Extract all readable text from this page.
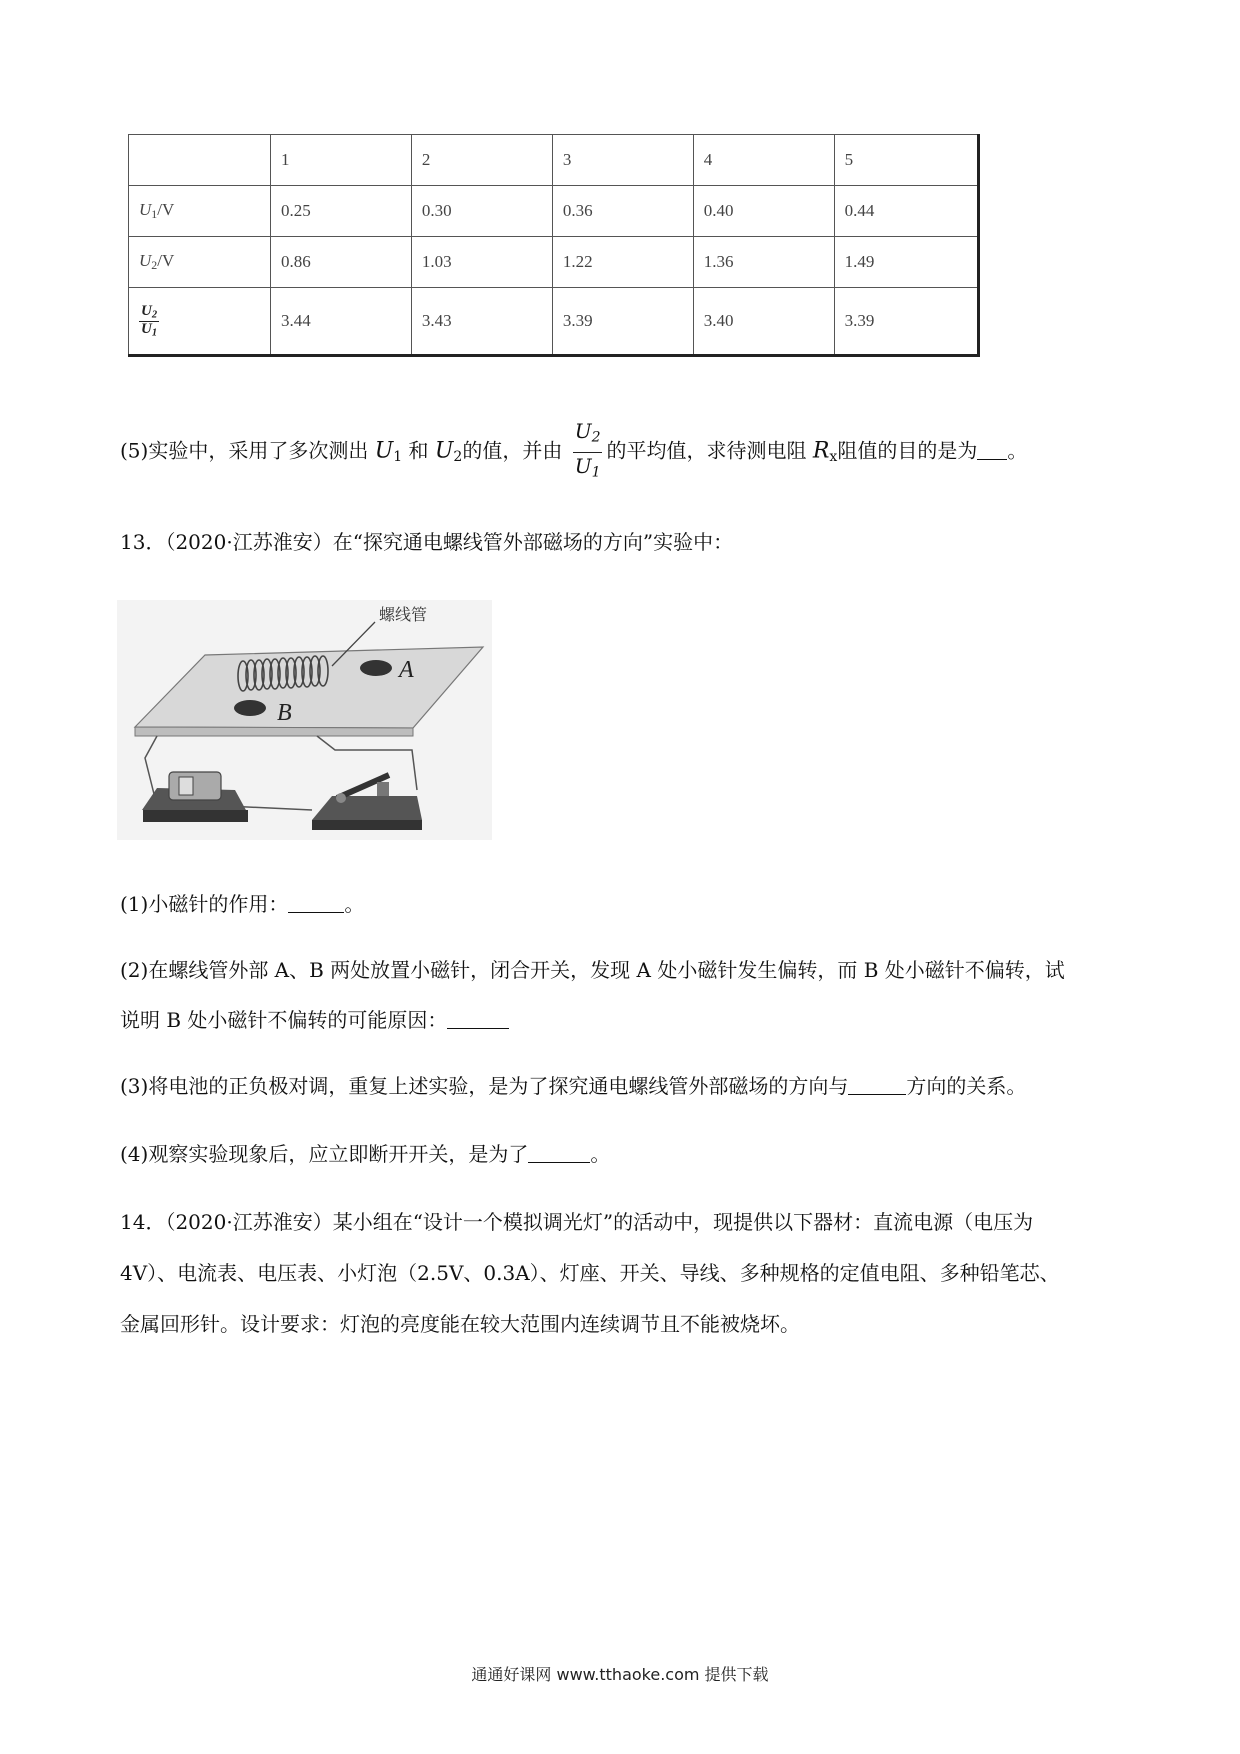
	1	2	3	4	5
$U_1/V$	0.25	0.30	0.36	0.40	0.44
$U_2/V$	0.86	1.03	1.22	1.36	1.49

$\frac{U_2}{U_1}$	3.44	3.43	3.39	3.40	3.39
(5)实验中，采用了多次测出 $U_1$ 和 $U_2$的值，并由 $\frac{U_2}{U_1}$ 的平均值，求待测电阻 $R_x$阻值的目的是为 。
13．（2020·江苏淮安）在“探究通电螺线管外部磁场的方向”实验中：
螺线管
A
B
(1)小磁针的作用：	。
(2)在螺线管外部 A、B 两处放置小磁针，闭合开关，发现 A 处小磁针发生偏转，而 B 处小磁针不偏转，试
说明 B 处小磁针不偏转的可能原因：
(3)将电池的正负极对调，重复上述实验，是为了探究通电螺线管外部磁场的方向与	方向的关系。
(4)观察实验现象后，应立即断开开关，是为了	。
14．（2020·江苏淮安）某小组在“设计一个模拟调光灯”的活动中，现提供以下器材：直流电源（电压为
4V）、电流表、电压表、小灯泡（2.5V、0.3A）、灯座、开关、导线、多种规格的定值电阻、多种铅笔芯、
金属回形针。设计要求：灯泡的亮度能在较大范围内连续调节且不能被烧坏。
通通好课网 www.tthaoke.com 提供下载
